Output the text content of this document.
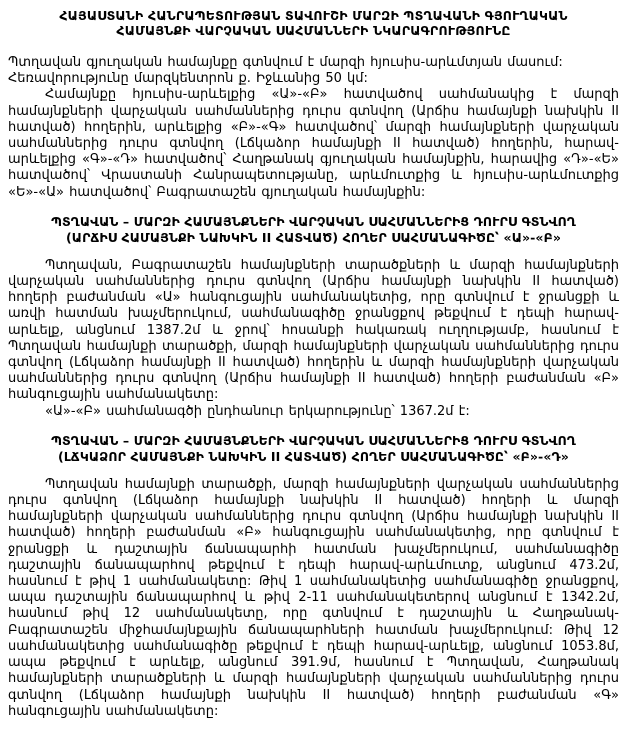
ՀԱՅԱՍՏԱՆԻ ՀԱՆՐԱՊԵՏՈՒԹՅԱՆ ՏԱՎՈՒՇԻ ՄԱՐԶԻ ՊՏՂԱՎԱՆԻ ԳՅՈՒՂԱԿԱՆ
ՀԱՄԱՅՆՔԻ ՎԱՐՉԱԿԱՆ ՍԱՀՄԱՆՆԵՐԻ ՆԿԱՐԱԳՐՈՒԹՅՈՒՆԸ

Պտղավան գյուղական համայնքը գտնվում է մարզի հյուսիս-արևմտյան մասում:

Հեռավորությունը մարզկենտրոն ք. Իջևանից 50 կմ:

Համայնքը հյուսիս-արևելքից «Ա»-«Բ» հատվածով սահմանակից է մարզի համայնքների վարչական սահմաններից դուրս գտնվող (Արճիս համայնքի նախկին II հատված) հողերին, արևելքից «Բ»-«Գ» հատվածով՝ մարզի համայնքների վարչական սահմաններից դուրս գտնվող (Լճկաձոր համայնքի II հատված) հողերին, հարավ-արևելքից «Գ»-«Դ» հատվածով՝ Հաղթանակ գյուղական համայնքին, հարավից «Դ»-«Ե» հատվածով՝ Վրաստանի Հանրապետությանը, արևմուտքից և հյուսիս-արևմուտքից «Ե»-«Ա» հատվածով՝ Բագրատաշեն գյուղական համայնքին:

ՊՏՂԱՎԱՆ – ՄԱՐԶԻ ՀԱՄԱՅՆՔՆԵՐԻ ՎԱՐՉԱԿԱՆ ՍԱՀՄԱՆՆԵՐԻՑ ԴՈՒՐՍ ԳՏՆՎՈՂ
(ԱՐՃԻՍ ՀԱՄԱՅՆՔԻ ՆԱԽԿԻՆ II ՀԱՏՎԱԾ) ՀՈՂԵՐ ՍԱՀՄԱՆԱԳԻԾԸ՝ «Ա»-«Բ»

Պտղավան, Բագրատաշեն համայնքների տարածքների և մարզի համայնքների վարչական սահմաններից դուրս գտնվող (Արճիս համայնքի նախկին II հատված) հողերի բաժանման «Ա» հանգուցային սահմանակետից, որը գտնվում է ջրանցքի և առվի հատման խաչմերուկում, սահմանագիծը ջրանցքով թեքվում է դեպի հարավ-արևելք, անցնում 1387.2մ և ջրով՝ հոսանքի հակառակ ուղղությամբ, հասնում է Պտղավան համայնքի տարածքի, մարզի համայնքների վարչական սահմաններից դուրս գտնվող (Լճկաձոր համայնքի II հատված) հողերին և մարզի համայնքների վարչական սահմաններից դուրս գտնվող (Արճիս համայնքի II հատված) հողերի բաժանման «Բ» հանգուցային սահմանակետը:

«Ա»-«Բ» սահմանագծի ընդհանուր երկարությունը՝ 1367.2մ է:

ՊՏՂԱՎԱՆ – ՄԱՐԶԻ ՀԱՄԱՅՆՔՆԵՐԻ ՎԱՐՉԱԿԱՆ ՍԱՀՄԱՆՆԵՐԻՑ ԴՈՒՐՍ ԳՏՆՎՈՂ
(ԼՃԿԱՁՈՐ ՀԱՄԱՅՆՔԻ ՆԱԽԿԻՆ II ՀԱՏՎԱԾ) ՀՈՂԵՐ ՍԱՀՄԱՆԱԳԻԾԸ՝ «Բ»-«Դ»

Պտղավան համայնքի տարածքի, մարզի համայնքների վարչական սահմաններից դուրս գտնվող (Լճկաձոր համայնքի նախկին II հատված) հողերի և մարզի համայնքների վարչական սահմաններից դուրս գտնվող (Արճիս համայնքի նախկին II հատված) հողերի բաժանման «Բ» հանգուցային սահմանակետից, որը գտնվում է ջրանցքի և դաշտային ճանապարհի հատման խաչմերուկում, սահմանագիծը դաշտային ճանապարհով թեքվում է դեպի հարավ-արևմուտք, անցնում 473.2մ, հասնում է թիվ 1 սահմանակետը: Թիվ 1 սահմանակետից սահմանագիծը ջրանցքով, ապա դաշտային ճանապարհով և թիվ 2-11 սահմանակետերով անցնում է 1342.2մ, հասնում թիվ 12 սահմանակետը, որը գտնվում է դաշտային և Հաղթանակ-Բագրատաշեն միջհամայնքային ճանապարհների հատման խաչմերուկում: Թիվ 12 սահմանակետից սահմանագիծը թեքվում է դեպի հարավ-արևելք, անցնում 1053.8մ, ապա թեքվում է արևելք, անցնում 391.9մ, հասնում է Պտղավան, Հաղթանակ համայնքների տարածքների և մարզի համայնքների վարչական սահմաններից դուրս գտնվող (Լճկաձոր համայնքի նախկին II հատված) հողերի բաժանման «Գ» հանգուցային սահմանակետը:
